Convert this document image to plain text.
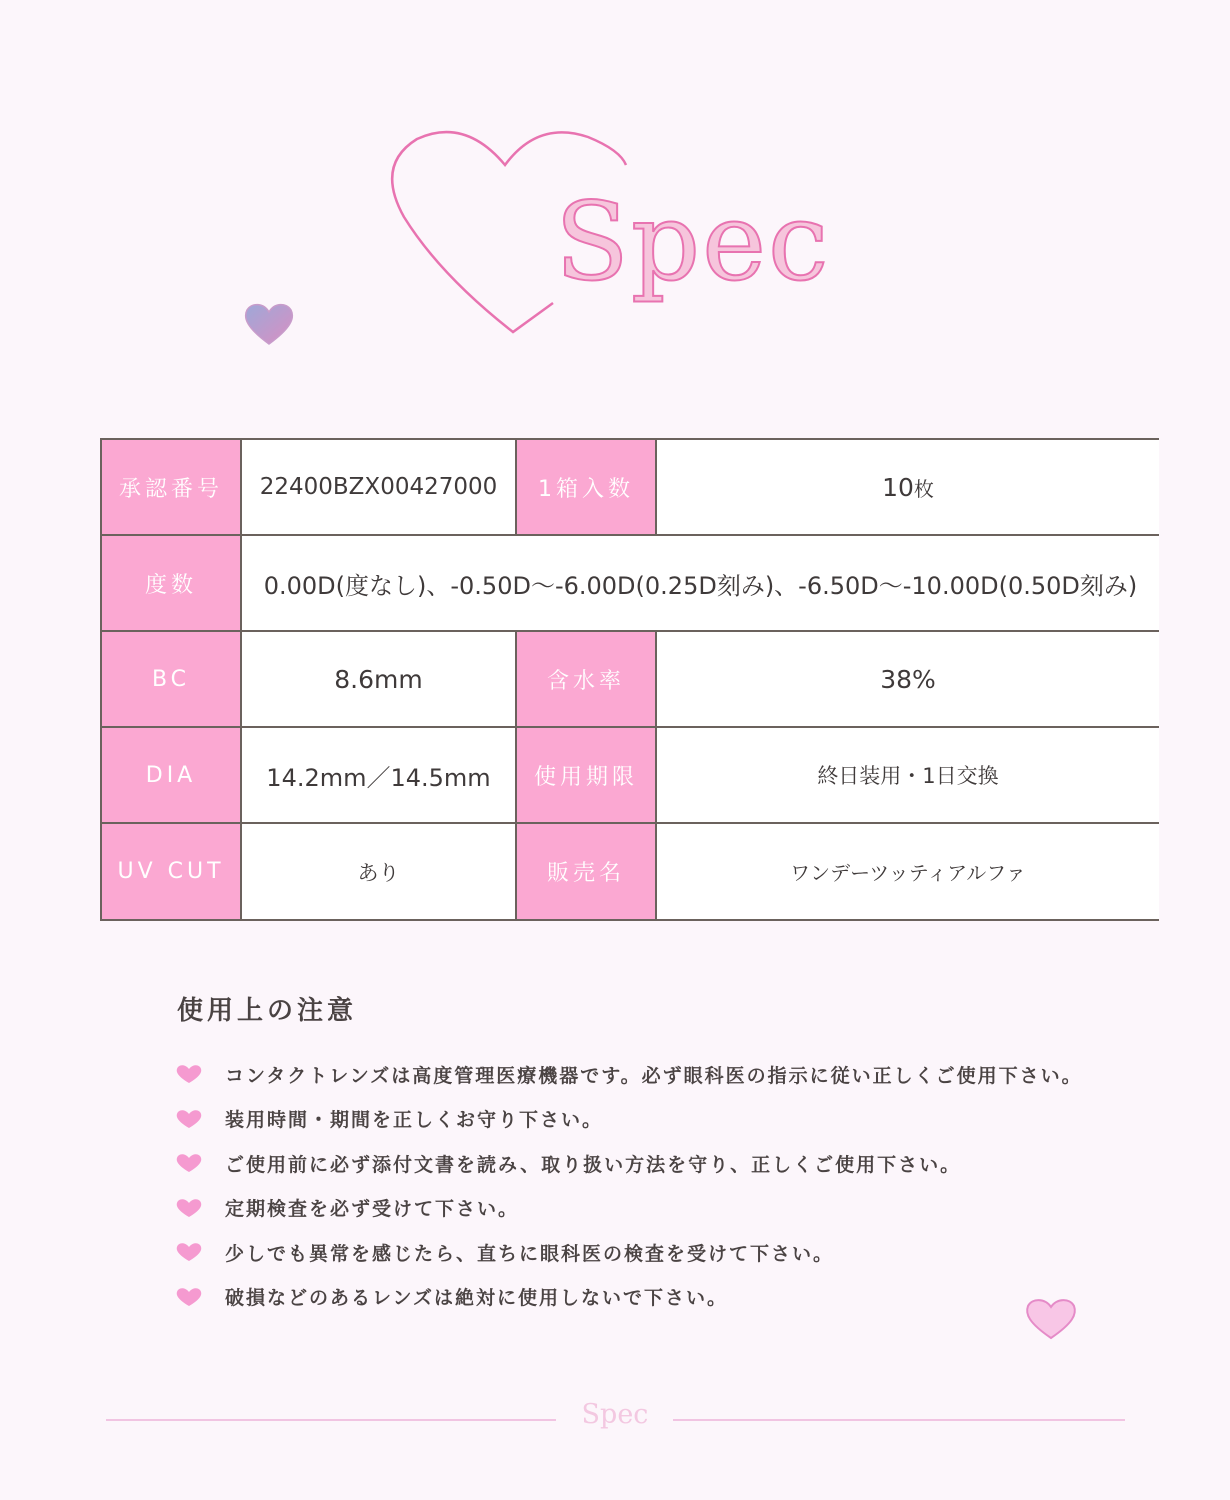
Spec
承認番号	22400BZX00427000	1箱入数	10 枚
度数	0.00D(度なし)、-0.50D～-6.00D(0.25D刻み)、-6.50D～-10.00D(0.50D刻み)
BC	8.6mm	含水率	38%
DIA	14.2mm／14.5mm	使用期限	終日装用・1日交換
UV CUT	あり	販売名	ワンデーツッティアルファ
使用上の注意
コンタクトレンズは高度管理医療機器です。必ず眼科医の指示に従い正しくご使用下さい。
装用時間・期間を正しくお守り下さい。
ご使用前に必ず添付文書を読み、取り扱い方法を守り、正しくご使用下さい。
定期検査を必ず受けて下さい。
少しでも異常を感じたら、直ちに眼科医の検査を受けて下さい。
破損などのあるレンズは絶対に使用しないで下さい。
Spec
